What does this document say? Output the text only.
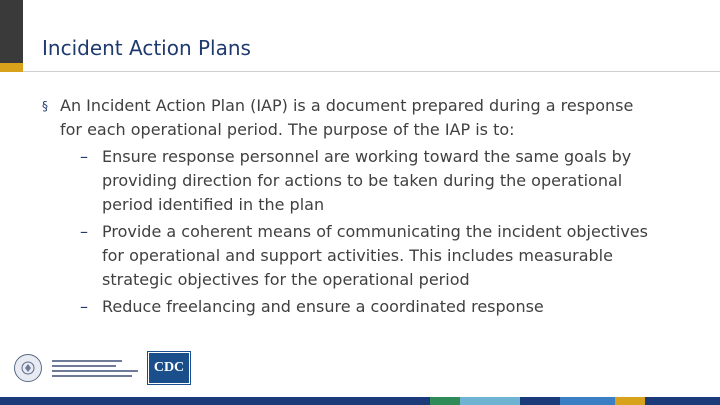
Incident Action Plans
§ An Incident Action Plan (IAP) is a document prepared during a response
for each operational period. The purpose of the IAP is to:
– Ensure response personnel are working toward the same goals by
providing direction for actions to be taken during the operational
period identified in the plan
– Provide a coherent means of communicating the incident objectives
for operational and support activities. This includes measurable
strategic objectives for the operational period
– Reduce freelancing and ensure a coordinated response
CDC
